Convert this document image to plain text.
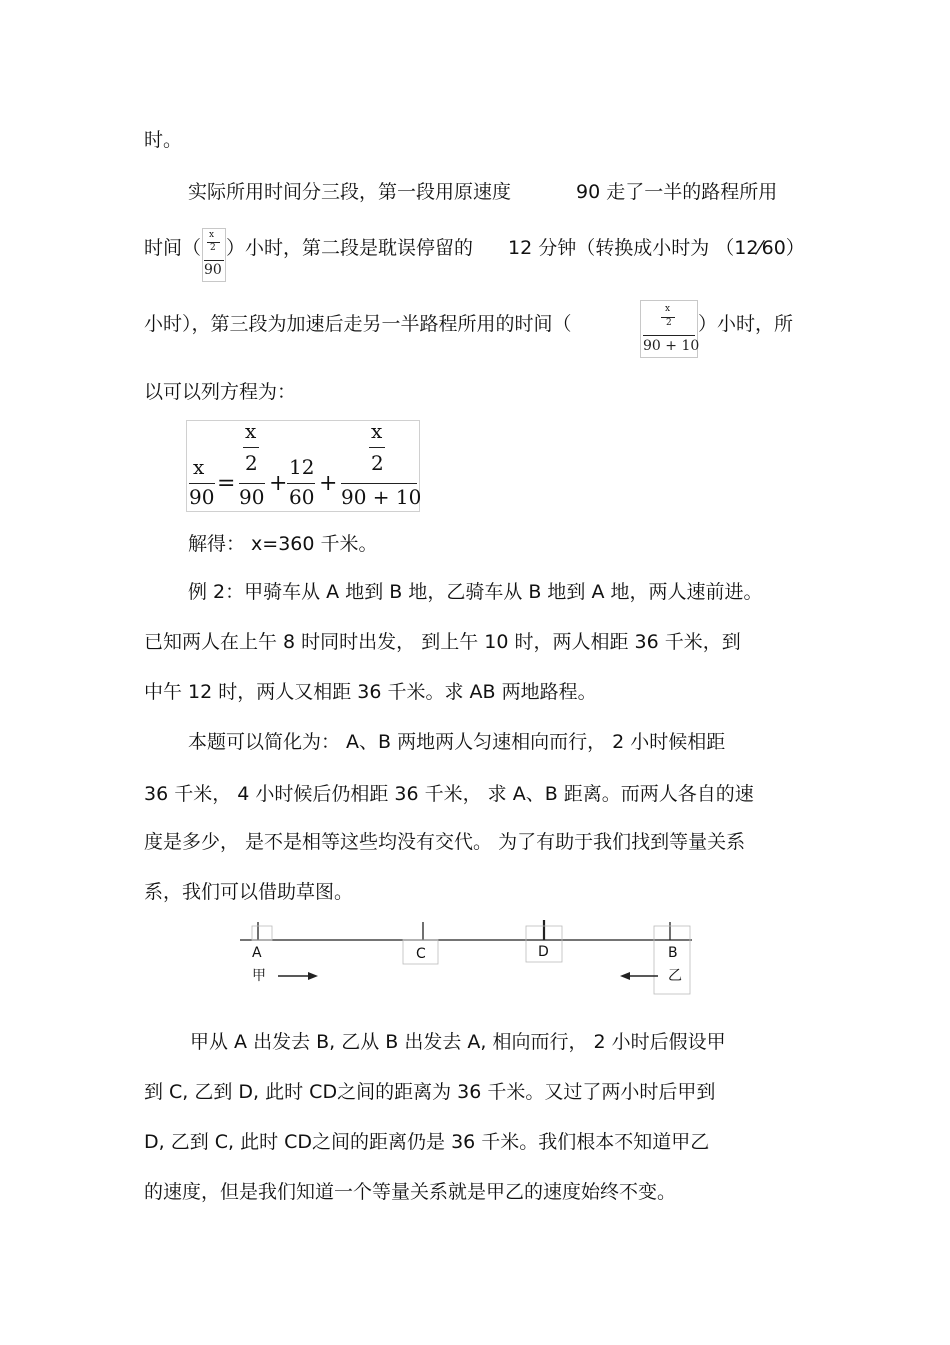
时。
实际所用时间分三段，第一段用原速度	90 走了一半的路程所用
时间（
x
2
90
）小时，第二段是耽误停留的 12 分钟（转换成小时为 （12⁄60）
小时），第三段为加速后走另一半路程所用的时间（
x
2
90 + 10
）小时，所
以可以列方程为：
x
90
=
x
2
90
+
12
60
+
x
2
90 + 10
解得： x=360 千米。
例 2：甲骑车从 A 地到 B 地，乙骑车从 B 地到 A 地，两人速前进。
已知两人在上午 8 时同时出发， 到上午 10 时，两人相距 36 千米，到
中午 12 时，两人又相距 36 千米。求 AB 两地路程。
本题可以简化为： A、B 两地两人匀速相向而行， 2 小时候相距
36 千米， 4 小时候后仍相距 36 千米， 求 A、B 距离。而两人各自的速
度是多少， 是不是相等这些均没有交代。 为了有助于我们找到等量关系
系，我们可以借助草图。
A	C	D	B
甲	乙
甲从 A 出发去 B, 乙从 B 出发去 A, 相向而行， 2 小时后假设甲
到 C, 乙到 D, 此时 CD之间的距离为 36 千米。又过了两小时后甲到
D, 乙到 C, 此时 CD之间的距离仍是 36 千米。我们根本不知道甲乙
的速度，但是我们知道一个等量关系就是甲乙的速度始终不变。
